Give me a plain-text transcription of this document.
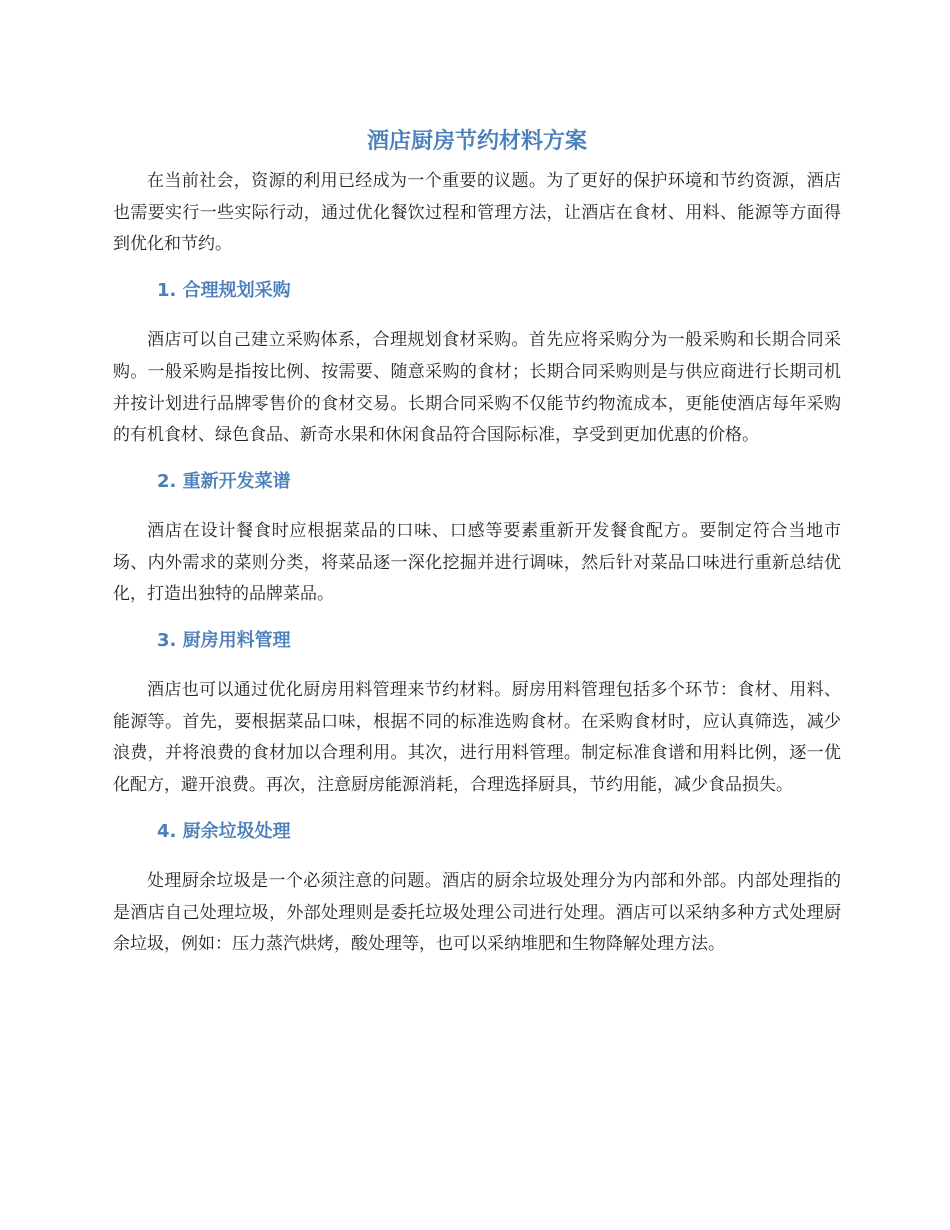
酒店厨房节约材料方案

在当前社会，资源的利用已经成为一个重要的议题。为了更好的保护环境和节约资源，酒店也需要实行一些实际行动，通过优化餐饮过程和管理方法，让酒店在食材、用料、能源等方面得到优化和节约。

1. 合理规划采购

酒店可以自己建立采购体系，合理规划食材采购。首先应将采购分为一般采购和长期合同采购。一般采购是指按比例、按需要、随意采购的食材；长期合同采购则是与供应商进行长期司机并按计划进行品牌零售价的食材交易。长期合同采购不仅能节约物流成本，更能使酒店每年采购的有机食材、绿色食品、新奇水果和休闲食品符合国际标准，享受到更加优惠的价格。

2. 重新开发菜谱

酒店在设计餐食时应根据菜品的口味、口感等要素重新开发餐食配方。要制定符合当地市场、内外需求的菜则分类，将菜品逐一深化挖掘并进行调味，然后针对菜品口味进行重新总结优化，打造出独特的品牌菜品。

3. 厨房用料管理

酒店也可以通过优化厨房用料管理来节约材料。厨房用料管理包括多个环节：食材、用料、能源等。首先，要根据菜品口味，根据不同的标准选购食材。在采购食材时，应认真筛选，减少浪费，并将浪费的食材加以合理利用。其次，进行用料管理。制定标准食谱和用料比例，逐一优化配方，避开浪费。再次，注意厨房能源消耗，合理选择厨具，节约用能，减少食品损失。

4. 厨余垃圾处理

处理厨余垃圾是一个必须注意的问题。酒店的厨余垃圾处理分为内部和外部。内部处理指的是酒店自己处理垃圾，外部处理则是委托垃圾处理公司进行处理。酒店可以采纳多种方式处理厨余垃圾，例如：压力蒸汽烘烤，酸处理等，也可以采纳堆肥和生物降解处理方法。
